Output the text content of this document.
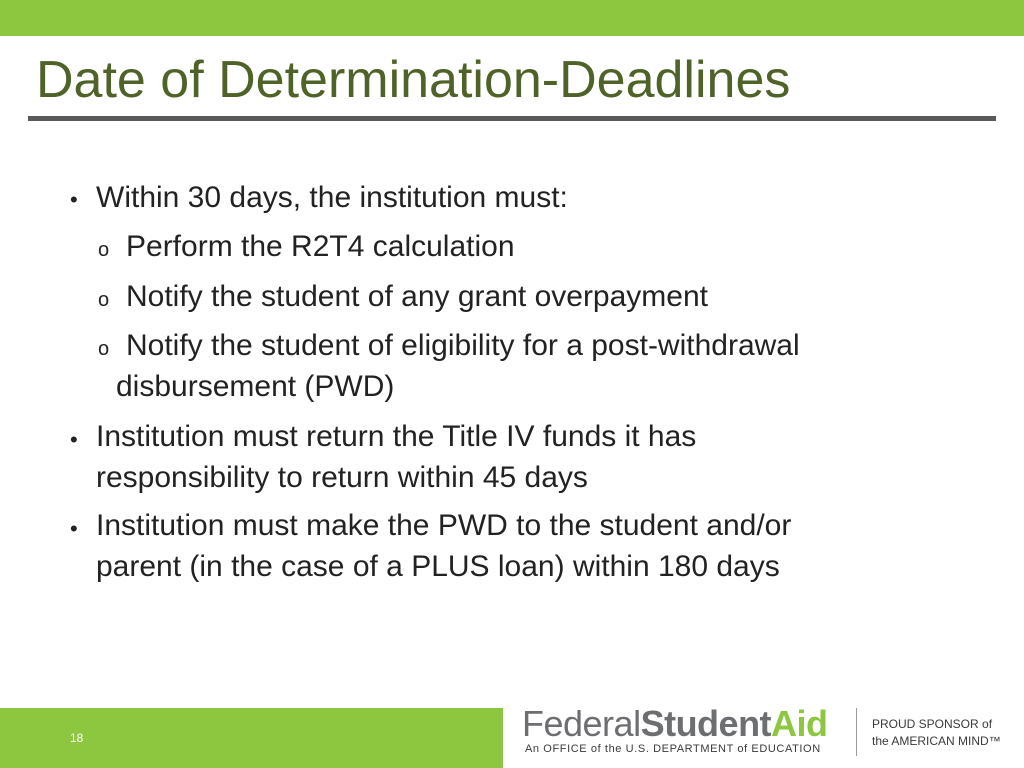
Date of Determination-Deadlines
• Within 30 days, the institution must:
o Perform the R2T4 calculation
o Notify the student of any grant overpayment
o Notify the student of eligibility for a post-withdrawal
disbursement (PWD)
• Institution must return the Title IV funds it has
responsibility to return within 45 days
• Institution must make the PWD to the student and/or
parent (in the case of a PLUS loan) within 180 days
18	FederalStudentAid
An OFFICE of the U.S. DEPARTMENT of EDUCATION
PROUD SPONSOR of
the AMERICAN MIND™
